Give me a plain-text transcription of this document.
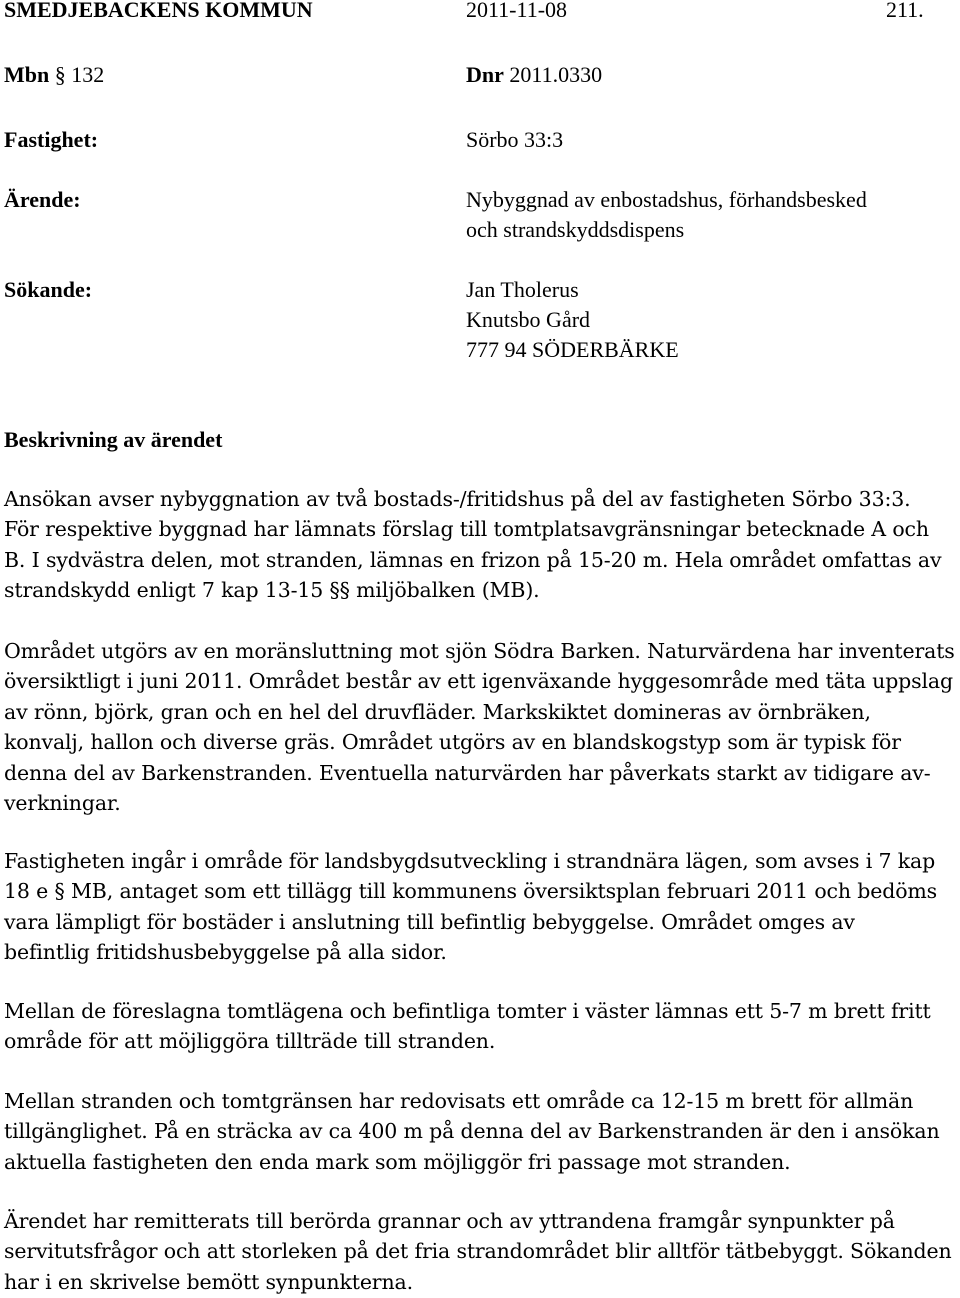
SMEDJEBACKENS KOMMUN	2011-11-08	211.
Mbn § 132	Dnr 2011.0330
Fastighet:	Sörbo 33:3
Ärende:	Nybyggnad av enbostadshus, förhandsbesked
och strandskyddsdispens
Sökande:	Jan Tholerus
Knutsbo Gård
777 94 SÖDERBÄRKE
Beskrivning av ärendet

Ansökan avser nybyggnation av två bostads-/fritidshus på del av fastigheten Sörbo 33:3.
För respektive byggnad har lämnats förslag till tomtplatsavgränsningar betecknade A och
B. I sydvästra delen, mot stranden, lämnas en frizon på 15-20 m. Hela området omfattas av
strandskydd enligt 7 kap 13-15 §§ miljöbalken (MB).

Området utgörs av en moränsluttning mot sjön Södra Barken. Naturvärdena har inventerats
översiktligt i juni 2011. Området består av ett igenväxande hyggesområde med täta uppslag
av rönn, björk, gran och en hel del druvfläder. Markskiktet domineras av örnbräken,
konvalj, hallon och diverse gräs. Området utgörs av en blandskogstyp som är typisk för
denna del av Barkenstranden. Eventuella naturvärden har påverkats starkt av tidigare av-
verkningar.

Fastigheten ingår i område för landsbygdsutveckling i strandnära lägen, som avses i 7 kap
18 e § MB, antaget som ett tillägg till kommunens översiktsplan februari 2011 och bedöms
vara lämpligt för bostäder i anslutning till befintlig bebyggelse. Området omges av
befintlig fritidshusbebyggelse på alla sidor.

Mellan de föreslagna tomtlägena och befintliga tomter i väster lämnas ett 5-7 m brett fritt
område för att möjliggöra tillträde till stranden.

Mellan stranden och tomtgränsen har redovisats ett område ca 12-15 m brett för allmän
tillgänglighet. På en sträcka av ca 400 m på denna del av Barkenstranden är den i ansökan
aktuella fastigheten den enda mark som möjliggör fri passage mot stranden.

Ärendet har remitterats till berörda grannar och av yttrandena framgår synpunkter på
servitutsfrågor och att storleken på det fria strandområdet blir alltför tätbebyggt. Sökanden
har i en skrivelse bemött synpunkterna.
